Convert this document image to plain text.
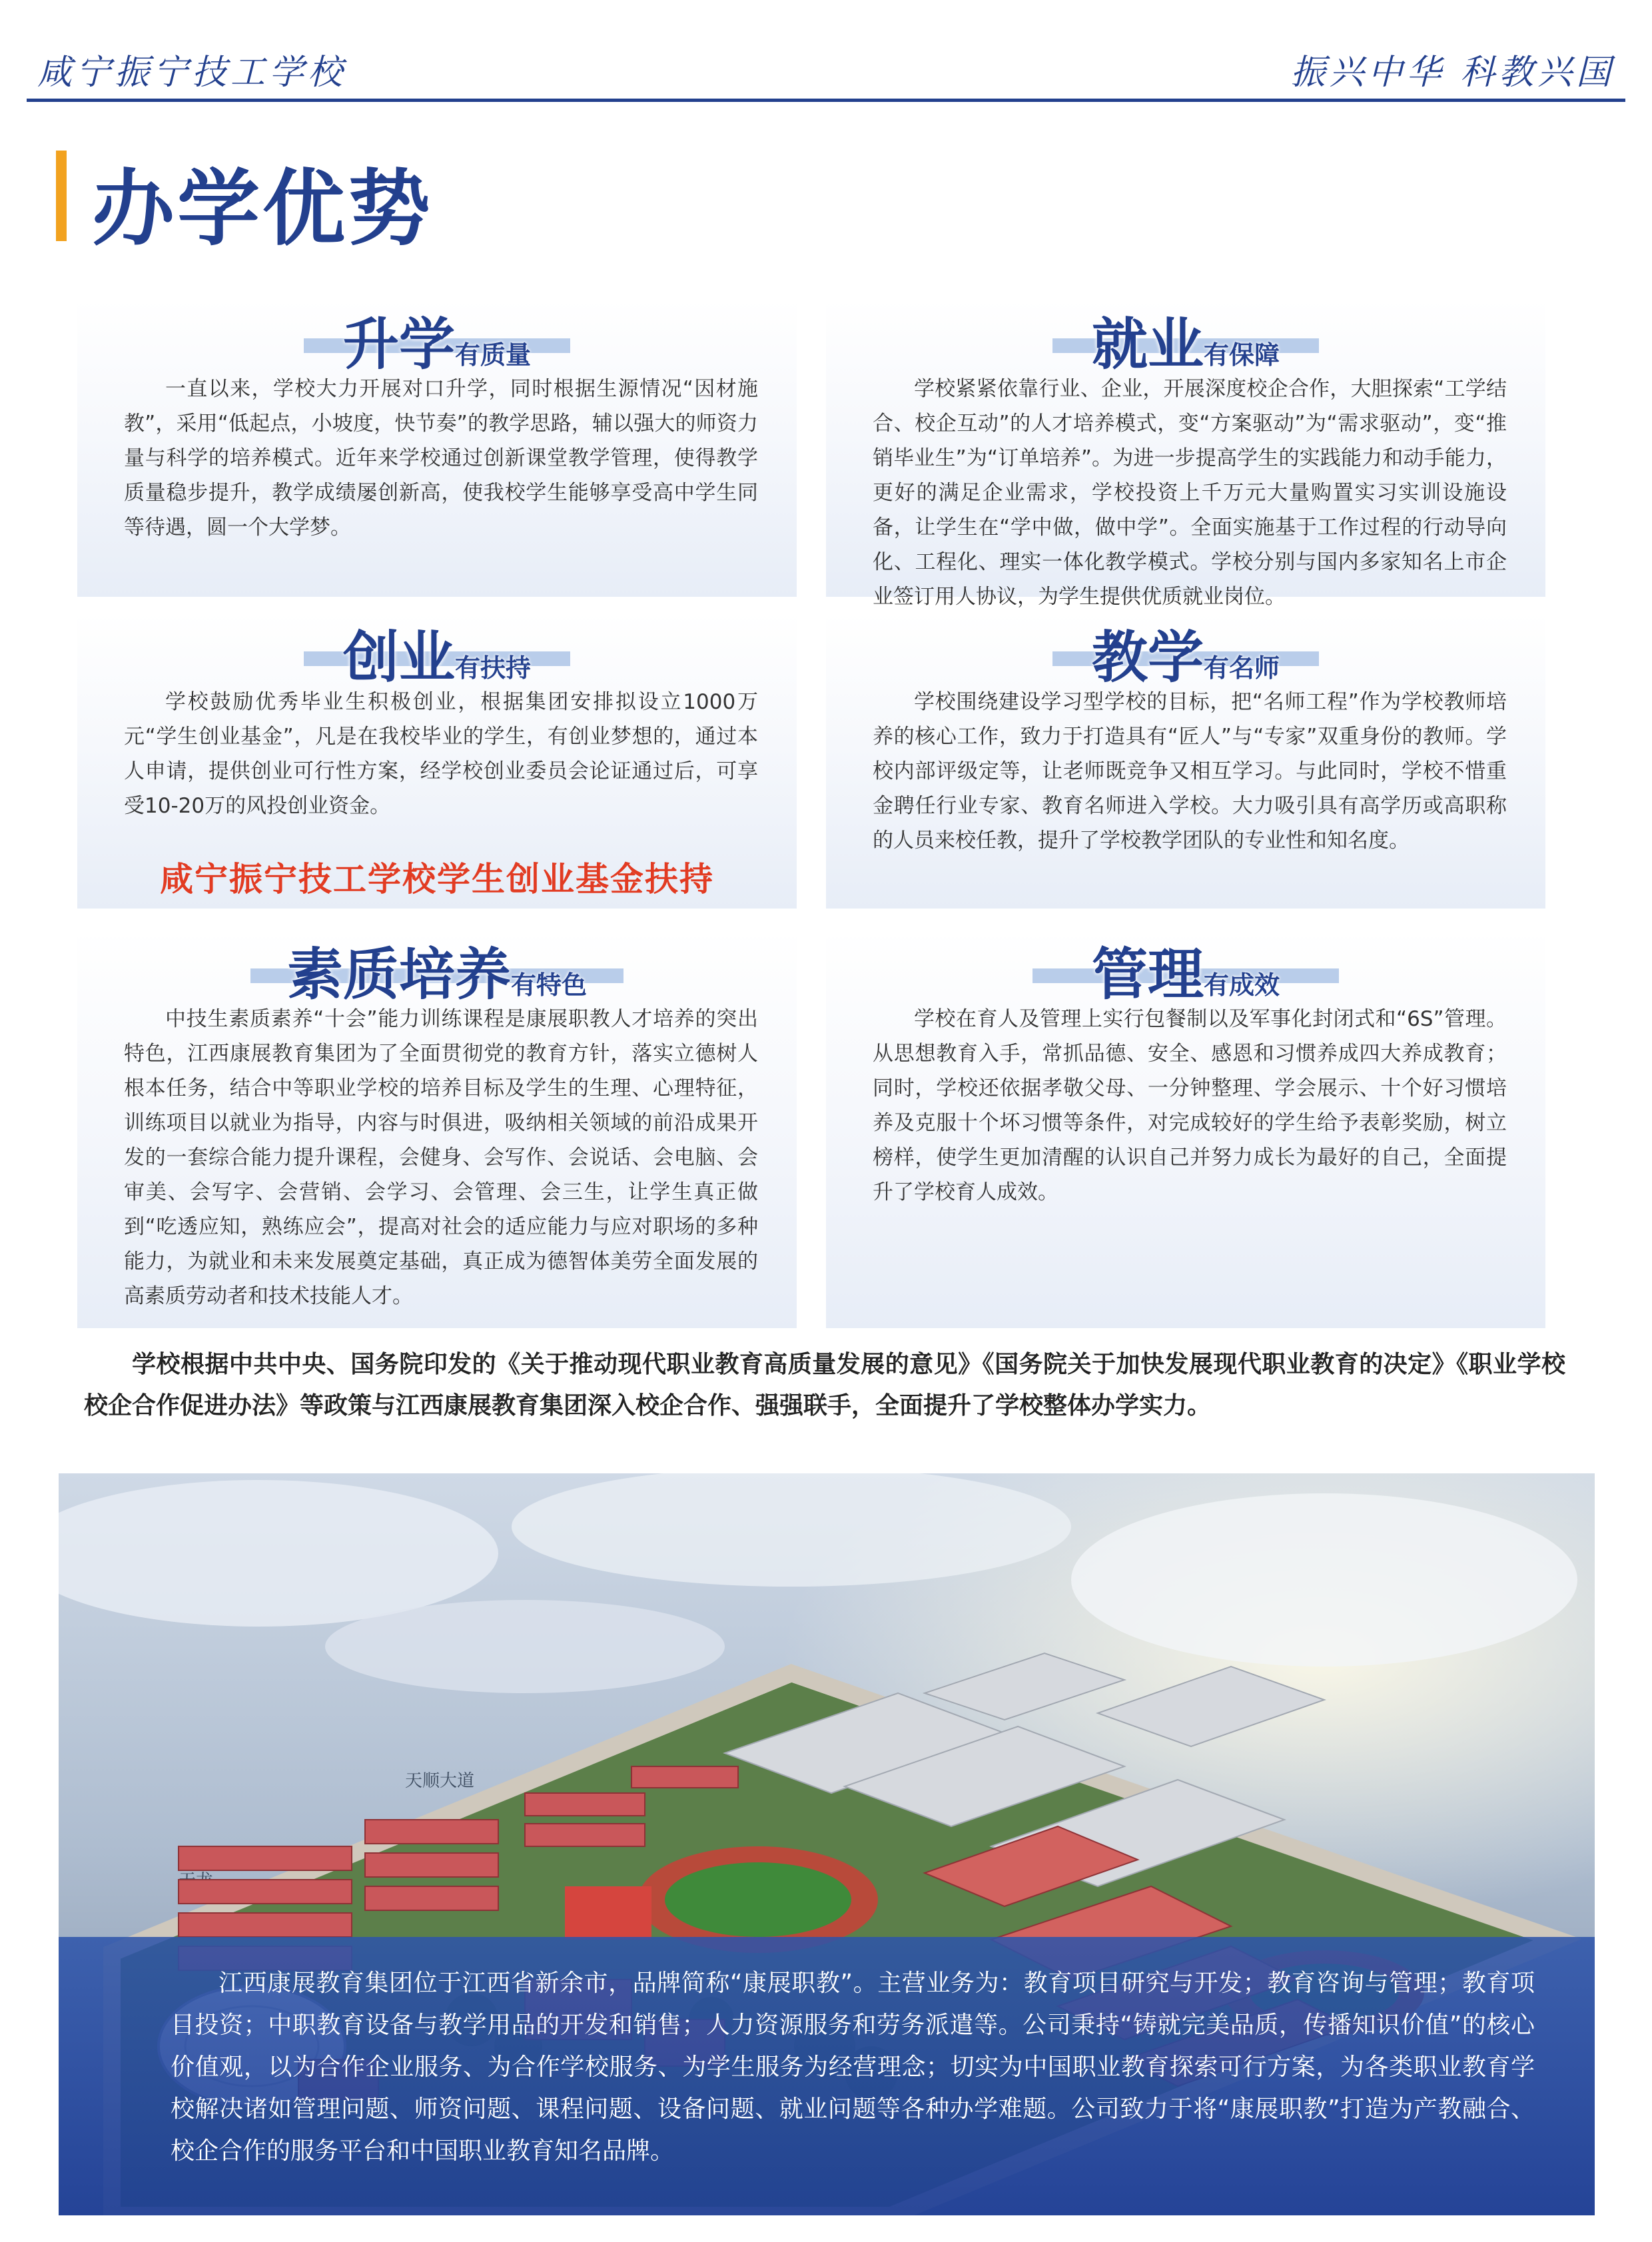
咸宁振宁技工学校	振兴中华 科教兴国
办学优势
升学有质量

一直以来，学校大力开展对口升学，同时根据生源情况“因材施教”，采用“低起点，小坡度，快节奏”的教学思路，辅以强大的师资力量与科学的培养模式。近年来学校通过创新课堂教学管理，使得教学质量稳步提升，教学成绩屡创新高，使我校学生能够享受高中学生同等待遇，圆一个大学梦。

就业有保障

学校紧紧依靠行业、企业，开展深度校企合作，大胆探索“工学结合、校企互动”的人才培养模式，变“方案驱动”为“需求驱动”，变“推销毕业生”为“订单培养”。为进一步提高学生的实践能力和动手能力，更好的满足企业需求，学校投资上千万元大量购置实习实训设施设备，让学生在“学中做，做中学”。全面实施基于工作过程的行动导向化、工程化、理实一体化教学模式。学校分别与国内多家知名上市企业签订用人协议，为学生提供优质就业岗位。

创业有扶持

学校鼓励优秀毕业生积极创业，根据集团安排拟设立1000万元“学生创业基金”，凡是在我校毕业的学生，有创业梦想的，通过本人申请，提供创业可行性方案，经学校创业委员会论证通过后，可享受10-20万的风投创业资金。

咸宁振宁技工学校学生创业基金扶持
教学有名师

学校围绕建设学习型学校的目标，把“名师工程”作为学校教师培养的核心工作，致力于打造具有“匠人”与“专家”双重身份的教师。学校内部评级定等，让老师既竞争又相互学习。与此同时，学校不惜重金聘任行业专家、教育名师进入学校。大力吸引具有高学历或高职称的人员来校任教，提升了学校教学团队的专业性和知名度。

素质培养有特色

中技生素质素养“十会”能力训练课程是康展职教人才培养的突出特色，江西康展教育集团为了全面贯彻党的教育方针，落实立德树人根本任务，结合中等职业学校的培养目标及学生的生理、心理特征，训练项目以就业为指导，内容与时俱进，吸纳相关领域的前沿成果开发的一套综合能力提升课程，会健身、会写作、会说话、会电脑、会审美、会写字、会营销、会学习、会管理、会三生，让学生真正做到“吃透应知，熟练应会”，提高对社会的适应能力与应对职场的多种能力，为就业和未来发展奠定基础，真正成为德智体美劳全面发展的高素质劳动者和技术技能人才。

管理有成效

学校在育人及管理上实行包餐制以及军事化封闭式和“6S”管理。从思想教育入手，常抓品德、安全、感恩和习惯养成四大养成教育；同时，学校还依据孝敬父母、一分钟整理、学会展示、十个好习惯培养及克服十个坏习惯等条件，对完成较好的学生给予表彰奖励，树立榜样，使学生更加清醒的认识自己并努力成长为最好的自己，全面提升了学校育人成效。

学校根据中共中央、国务院印发的《关于推动现代职业教育高质量发展的意见》《国务院关于加快发展现代职业教育的决定》《职业学校校企合作促进办法》等政策与江西康展教育集团深入校企合作、强强联手，全面提升了学校整体办学实力。

天顺大道

江西康展教育集团位于江西省新余市，品牌简称“康展职教”。主营业务为：教育项目研究与开发；教育咨询与管理；教育项目投资；中职教育设备与教学用品的开发和销售；人力资源服务和劳务派遣等。公司秉持“铸就完美品质，传播知识价值”的核心价值观，以为合作企业服务、为合作学校服务、为学生服务为经营理念；切实为中国职业教育探索可行方案，为各类职业教育学校解决诸如管理问题、师资问题、课程问题、设备问题、就业问题等各种办学难题。公司致力于将“康展职教”打造为产教融合、校企合作的服务平台和中国职业教育知名品牌。
